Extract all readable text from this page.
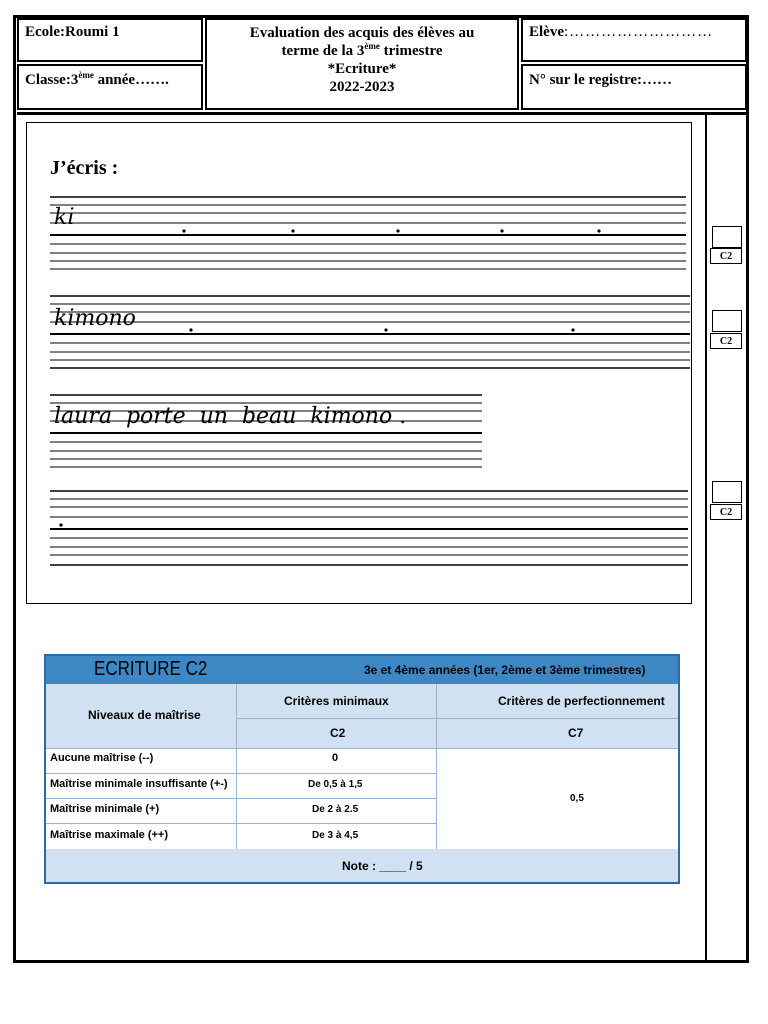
Ecole:Roumi 1
Classe:3ème année…….
Evaluation des acquis des élèves au
terme de la 3ème trimestre
*Ecriture*
2022-2023
Elève:………………………
N° sur le registre:……
C2
C2
C2
J’écris :
ki
kimono
laura  porte  un  beau  kimono .
ECRITURE C2	3e et 4ème années (1er, 2ème et 3ème trimestres)
Niveaux de maîtrise
Critères minimaux
C2
Critères de perfectionnement
C7
Aucune maîtrise (--)	0
Maîtrise minimale insuffisante (+-)	De 0,5 à 1,5
Maîtrise minimale (+)	De 2 à 2.5
Maîtrise maximale (++)	De 3 à 4,5
0,5
Note : ____ / 5
